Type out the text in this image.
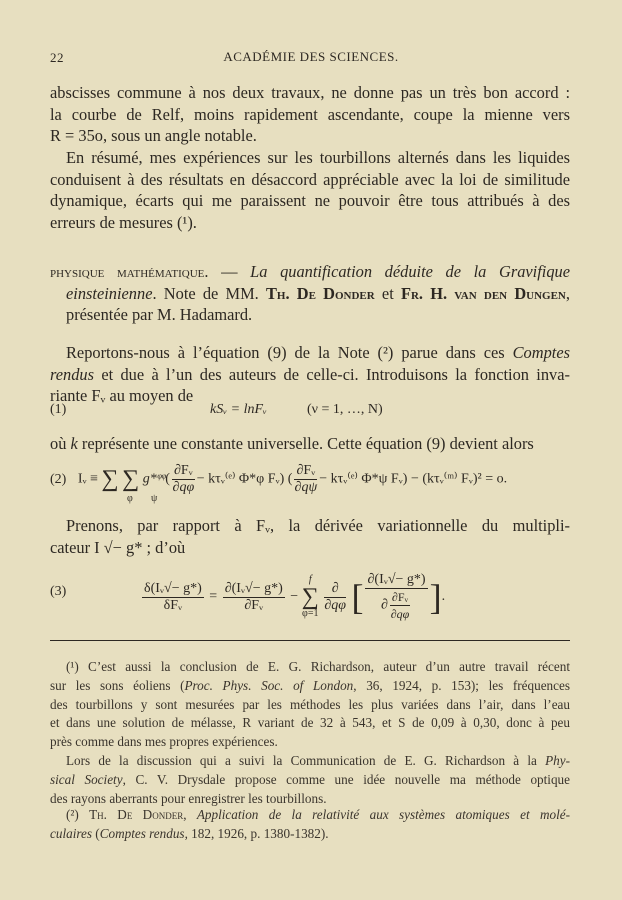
22	ACADÉMIE DES SCIENCES.
abscisses commune à nos deux travaux, ne donne pas un très bon accord :
la courbe de Relf, moins rapidement ascendante, coupe la mienne vers
R = 35o, sous un angle notable.
En résumé, mes expériences sur les tourbillons alternés dans les liquides
conduisent à des résultats en désaccord appréciable avec la loi de similitude
dynamique, écarts qui me paraissent ne pouvoir être tous attribués à des
erreurs de mesures (¹).
physique mathématique. — La quantification déduite de la Gravifique
einsteinienne. Note de MM. Th. De Donder et Fr. H. van den Dungen,
présentée par M. Hadamard.
Reportons-nous à l’équation (9) de la Note (²) parue dans ces Comptes
rendus et due à l’un des auteurs de celle-ci. Introduisons la fonction inva-
riante Fᵥ au moyen de
où k représente une constante universelle. Cette équation (9) devient alors
Prenons, par rapport à Fᵥ, la dérivée variationnelle du multipli-
cateur I √− g* ; d’où
(1)	kSᵥ = lnFᵥ	(ν = 1, …, N)
(2) Iᵥ ≡ ∑ ∑ g*ᵠᵠ( $\frac{\text{∂Fᵥ}}{\partial q\varphi}$ − kτᵥ⁽ᵉ⁾ Φ*φ Fᵥ) ( $\frac{\text{∂Fᵥ}}{\partial q\psi}$ − kτᵥ⁽ᵉ⁾ Φ*ψ Fᵥ) − (kτᵥ⁽ᵐ⁾ Fᵥ)² = o.
φ ψ
(3)	$\frac{\text{δ(Iᵥ√− g*)}}{\text{δFᵥ}} = \frac{\text{∂(Iᵥ√− g*)}}{\text{∂Fᵥ}}$ −
f
∑
φ=1
$\frac{\partial}{\partial q\varphi}$ [ $\frac{\text{∂(Iᵥ√− g*)}}{\partial \frac{\text{∂Fᵥ}}{\partial q\varphi}}$ ].
(¹) C’est aussi la conclusion de E. G. Richardson, auteur d’un autre travail récent
sur les sons éoliens (Proc. Phys. Soc. of London, 36, 1924, p. 153); les fréquences
des tourbillons y sont mesurées par les méthodes les plus variées dans l’air, dans l’eau
et dans une solution de mélasse, R variant de 32 à 543, et S de 0,09 à 0,30, donc à peu
près comme dans mes propres expériences.
Lors de la discussion qui a suivi la Communication de E. G. Richardson à la Phy-
sical Society, C. V. Drysdale propose comme une idée nouvelle ma méthode optique
des rayons aberrants pour enregistrer les tourbillons.
(²) Th. De Donder, Application de la relativité aux systèmes atomiques et molé-
culaires (Comptes rendus, 182, 1926, p. 1380-1382).
